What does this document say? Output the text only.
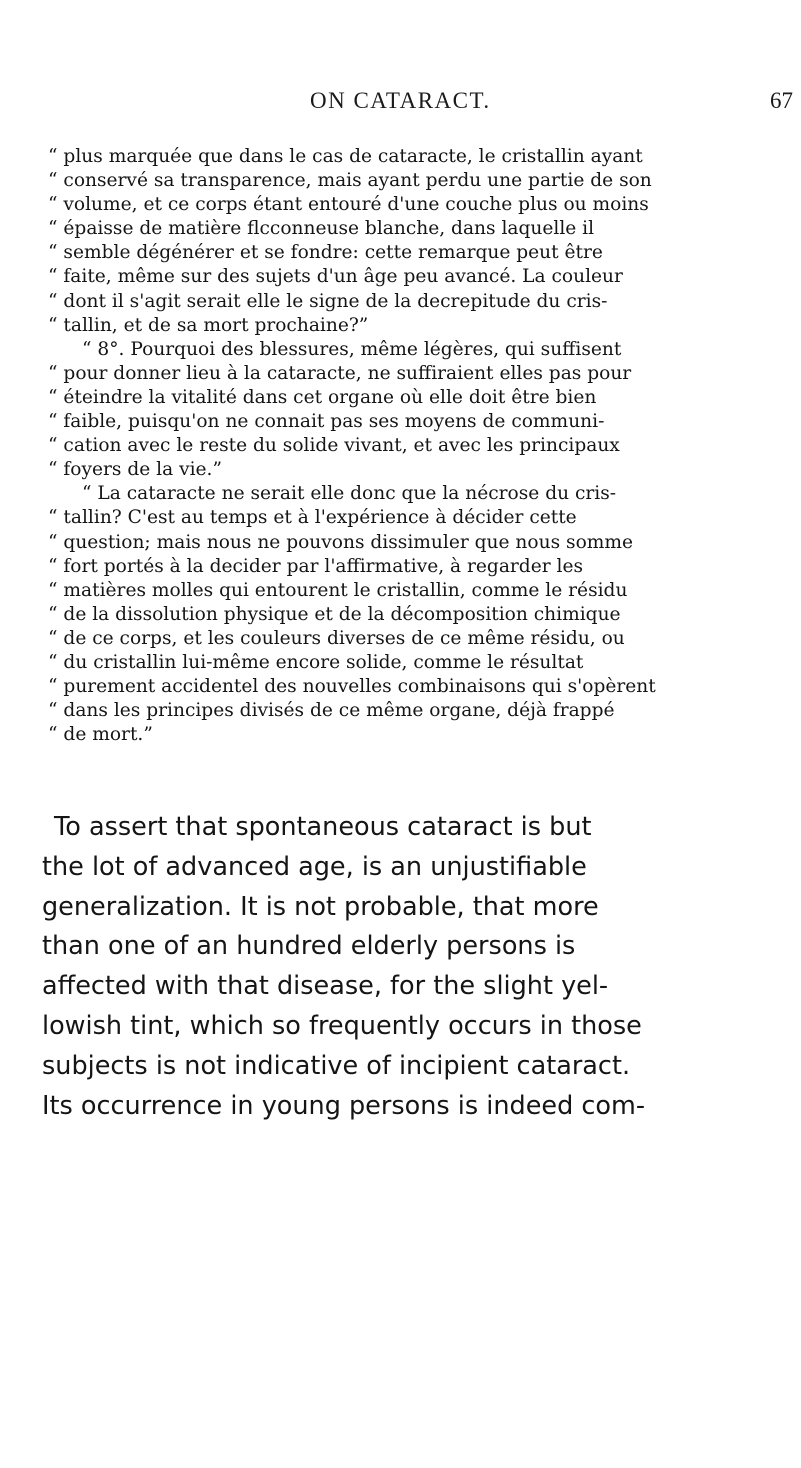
ON CATARACT.	67
“ plus marquée que dans le cas de cataracte, le cristallin ayant
“ conservé sa transparence, mais ayant perdu une partie de son
“ volume, et ce corps étant entouré d'une couche plus ou moins
“ épaisse de matière flcconneuse blanche, dans laquelle il
“ semble dégénérer et se fondre: cette remarque peut être
“ faite, même sur des sujets d'un âge peu avancé. La couleur
“ dont il s'agit serait elle le signe de la decrepitude du cris-
“ tallin, et de sa mort prochaine?”
“ 8°. Pourquoi des blessures, même légères, qui suffisent
“ pour donner lieu à la cataracte, ne suffiraient elles pas pour
“ éteindre la vitalité dans cet organe où elle doit être bien
“ faible, puisqu'on ne connait pas ses moyens de communi-
“ cation avec le reste du solide vivant, et avec les principaux
“ foyers de la vie.”
“ La cataracte ne serait elle donc que la nécrose du cris-
“ tallin? C'est au temps et à l'expérience à décider cette
“ question; mais nous ne pouvons dissimuler que nous somme
“ fort portés à la decider par l'affirmative, à regarder les
“ matières molles qui entourent le cristallin, comme le résidu
“ de la dissolution physique et de la décomposition chimique
“ de ce corps, et les couleurs diverses de ce même résidu, ou
“ du cristallin lui-même encore solide, comme le résultat
“ purement accidentel des nouvelles combinaisons qui s'opèrent
“ dans les principes divisés de ce même organe, déjà frappé
“ de mort.”
To assert that spontaneous cataract is but
the lot of advanced age, is an unjustifiable
generalization. It is not probable, that more
than one of an hundred elderly persons is
affected with that disease, for the slight yel-
lowish tint, which so frequently occurs in those
subjects is not indicative of incipient cataract.
Its occurrence in young persons is indeed com-
